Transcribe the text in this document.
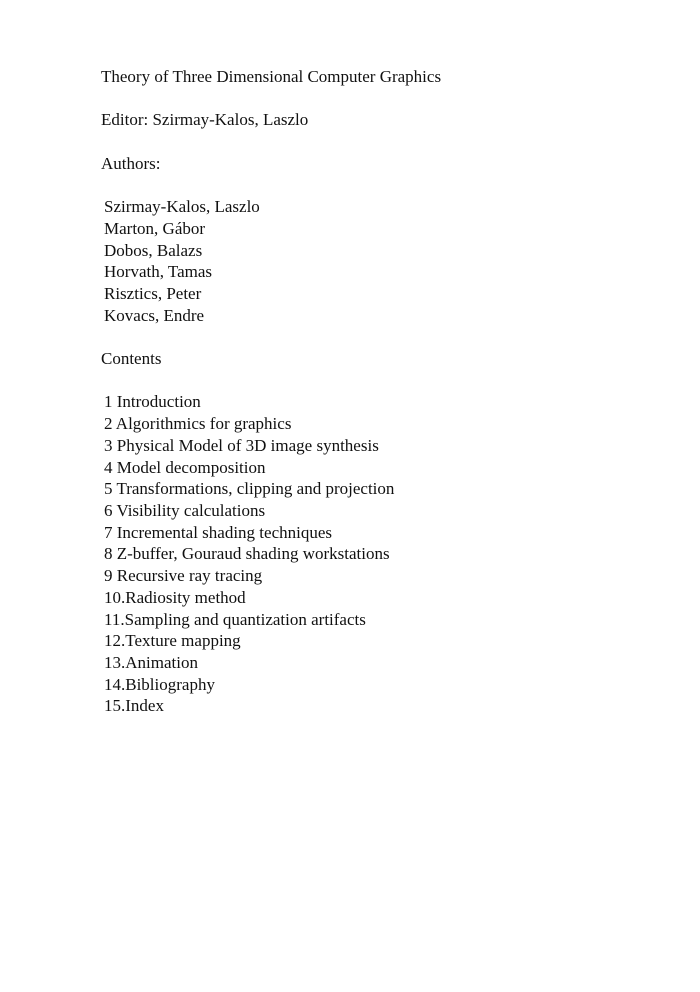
Theory of Three Dimensional Computer Graphics

Editor: Szirmay-Kalos, Laszlo

Authors:

Szirmay-Kalos, Laszlo
Marton, Gábor
Dobos, Balazs
Horvath, Tamas
Risztics, Peter
Kovacs, Endre

Contents

1 Introduction
2 Algorithmics for graphics
3 Physical Model of 3D image synthesis
4 Model decomposition
5 Transformations, clipping and projection
6 Visibility calculations
7 Incremental shading techniques
8 Z-buffer, Gouraud shading workstations
9 Recursive ray tracing
10.Radiosity method
11.Sampling and quantization artifacts
12.Texture mapping
13.Animation
14.Bibliography
15.Index
